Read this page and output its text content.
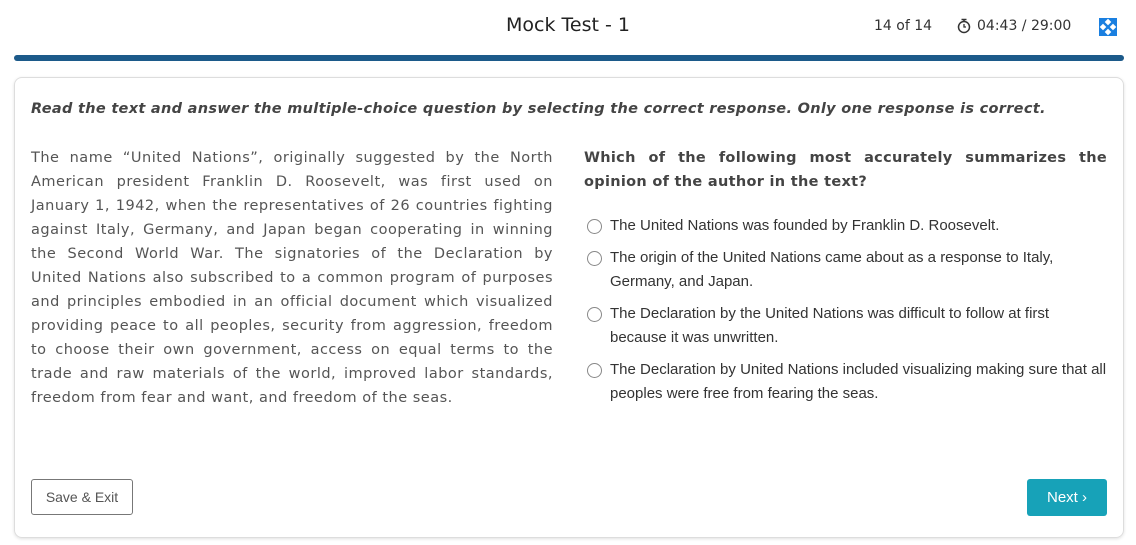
Mock Test - 1	14 of 14	04:43 / 29:00
Read the text and answer the multiple-choice question by selecting the correct response. Only one response is correct.
The name “United Nations”, originally suggested by the North American president Franklin D. Roosevelt, was first used on January 1, 1942, when the representatives of 26 countries fighting against Italy, Germany, and Japan began cooperating in winning the Second World War. The signatories of the Declaration by United Nations also subscribed to a common program of purposes and principles embodied in an official document which visualized providing peace to all peoples, security from aggression, freedom to choose their own government, access on equal terms to the trade and raw materials of the world, improved labor standards, freedom from fear and want, and freedom of the seas.
Which of the following most accurately summarizes the opinion of the author in the text?
The United Nations was founded by Franklin D. Roosevelt.
The origin of the United Nations came about as a response to Italy, Germany, and Japan.
The Declaration by the United Nations was difficult to follow at first because it was unwritten.
The Declaration by United Nations included visualizing making sure that all peoples were free from fearing the seas.
Save & Exit	Next ›
